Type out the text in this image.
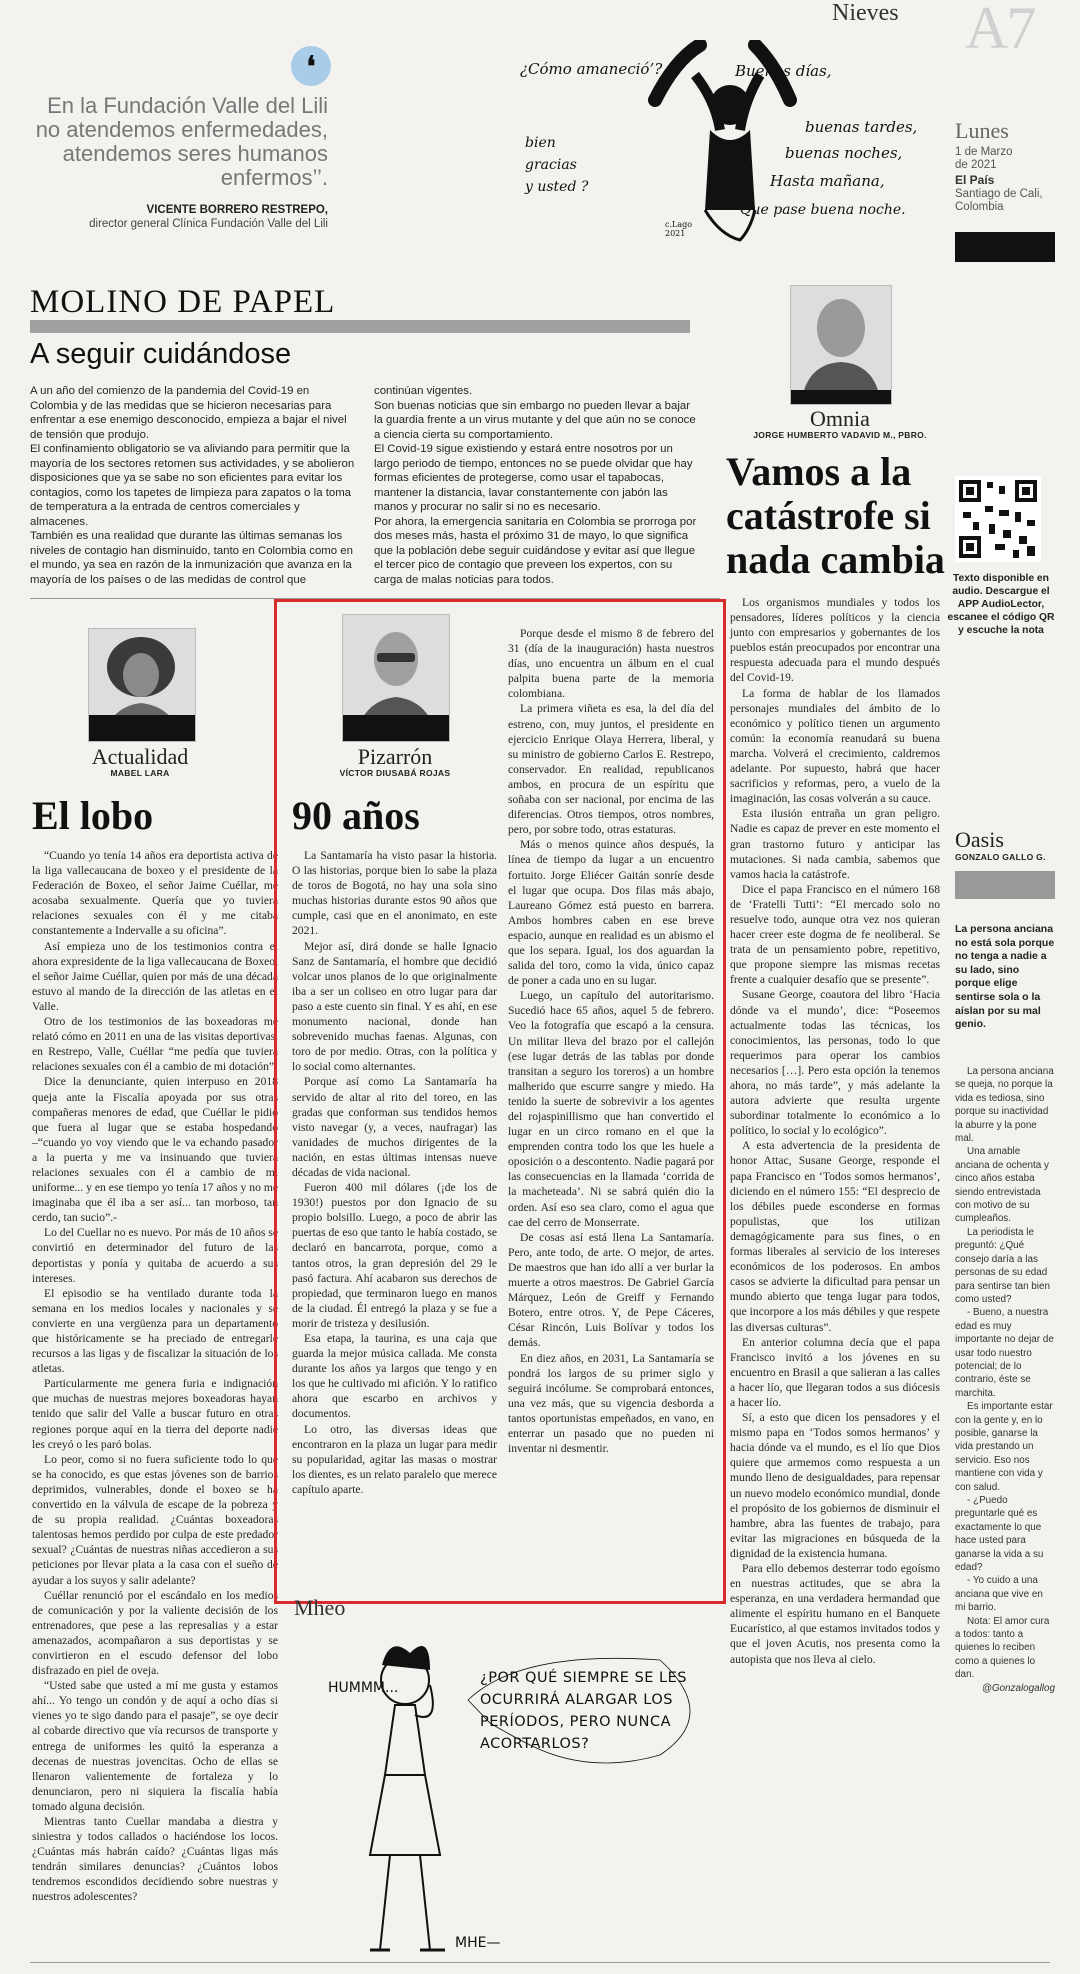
Nieves A7
Lunes
1 de Marzo
de 2021
El País
Santiago de Cali,
Colombia
❛
En la Fundación Valle del Lili no atendemos enfermedades, atendemos seres humanos enfermos’’.
VICENTE BORRERO RESTREPO,
director general Clínica Fundación Valle del Lili
¿Cómo amaneció’?	Buenos días,
buenas tardes,
buenas noches,
Hasta mañana,
Que pase buena noche.
bien
gracias
y usted ?
c.Lago
2021
MOLINO DE PAPEL
A seguir cuidándose

A un año del comienzo de la pandemia del Covid-19 en Colombia y de las medidas que se hicieron necesarias para enfrentar a ese enemigo desconocido, empieza a bajar el nivel de tensión que produjo.

El confinamiento obligatorio se va aliviando para permitir que la mayoría de los sectores retomen sus actividades, y se abolieron disposiciones que ya se sabe no son eficientes para evitar los contagios, como los tapetes de limpieza para zapatos o la toma de temperatura a la entrada de centros comerciales y almacenes.

También es una realidad que durante las últimas semanas los niveles de contagio han disminuido, tanto en Colombia como en el mundo, ya sea en razón de la inmunización que avanza en la mayoría de los países o de las medidas de control que

continúan vigentes.

Son buenas noticias que sin embargo no pueden llevar a bajar la guardia frente a un virus mutante y del que aún no se conoce a ciencia cierta su comportamiento.

El Covid-19 sigue existiendo y estará entre nosotros por un largo periodo de tiempo, entonces no se puede olvidar que hay formas eficientes de protegerse, como usar el tapabocas, mantener la distancia, lavar constantemente con jabón las manos y procurar no salir si no es necesario.

Por ahora, la emergencia sanitaria en Colombia se prorroga por dos meses más, hasta el próximo 31 de mayo, lo que significa que la población debe seguir cuidándose y evitar así que llegue el tercer pico de contagio que preveen los expertos, con su carga de malas noticias para todos.

Omnia
JORGE HUMBERTO VADAVID M., PBRO.
Vamos a la catástrofe si nada cambia

Los organismos mundiales y todos los pensadores, líderes políticos y la ciencia junto con empresarios y gobernantes de los pueblos están preocupados por encontrar una respuesta adecuada para el mundo después del Covid-19.

La forma de hablar de los llamados personajes mundiales del ámbito de lo económico y político tienen un argumento común: la economía reanudará su buena marcha. Volverá el crecimiento, caldremos adelante. Por supuesto, habrá que hacer sacrificios y reformas, pero, a vuelo de la imaginación, las cosas volverán a su cauce.

Esta ilusión entraña un gran peligro. Nadie es capaz de prever en este momento el gran trastorno futuro y anticipar las mutaciones. Si nada cambia, sabemos que vamos hacia la catástrofe.

Dice el papa Francisco en el número 168 de ‘Fratelli Tutti’: “El mercado solo no resuelve todo, aunque otra vez nos quieran hacer creer este dogma de fe neoliberal. Se trata de un pensamiento pobre, repetitivo, que propone siempre las mismas recetas frente a cualquier desafío que se presente”.

Susane George, coautora del libro ‘Hacia dónde va el mundo’, dice: “Poseemos actualmente todas las técnicas, los conocimientos, las personas, todo lo que requerimos para operar los cambios necesarios […]. Pero esta opción la tenemos ahora, no más tarde”, y más adelante la autora advierte que resulta urgente subordinar totalmente lo económico a lo político, lo social y lo ecológico”.

A esta advertencia de la presidenta de honor Attac, Susane George, responde el papa Francisco en ‘Todos somos hermanos’, diciendo en el número 155: “El desprecio de los débiles puede esconderse en formas populistas, que los utilizan demagógicamente para sus fines, o en formas liberales al servicio de los intereses económicos de los poderosos. En ambos casos se advierte la dificultad para pensar un mundo abierto que tenga lugar para todos, que incorpore a los más débiles y que respete las diversas culturas”.

En anterior columna decía que el papa Francisco invitó a los jóvenes en su encuentro en Brasil a que salieran a las calles a hacer lío, que llegaran todos a sus diócesis a hacer lío.

Sí, a esto que dicen los pensadores y el mismo papa en ‘Todos somos hermanos’ y hacia dónde va el mundo, es el lío que Dios quiere que armemos como respuesta a un mundo lleno de desigualdades, para repensar un nuevo modelo económico mundial, donde el propósito de los gobiernos de disminuir el hambre, abra las fuentes de trabajo, para evitar las migraciones en búsqueda de la dignidad de la existencia humana.

Para ello debemos desterrar todo egoísmo en nuestras actitudes, que se abra la esperanza, en una verdadera hermandad que alimente el espíritu humano en el Banquete Eucarístico, al que estamos invitados todos y que el joven Acutis, nos presenta como la autopista que nos lleva al cielo.

Texto disponible en audio. Descargue el APP AudioLector, escanee el código QR y escuche la nota
Actualidad
MABEL LARA
El lobo

“Cuando yo tenía 14 años era deportista activa de la liga vallecaucana de boxeo y el presidente de la Federación de Boxeo, el señor Jaime Cuéllar, me acosaba sexualmente. Quería que yo tuviera relaciones sexuales con él y me citaba constantemente a Indervalle a su oficina”.

Así empieza uno de los testimonios contra el ahora expresidente de la liga vallecaucana de Boxeo, el señor Jaime Cuéllar, quien por más de una década estuvo al mando de la dirección de las atletas en el Valle.

Otro de los testimonios de las boxeadoras me relató cómo en 2011 en una de las visitas deportivas, en Restrepo, Valle, Cuéllar “me pedía que tuviera relaciones sexuales con él a cambio de mi dotación”.

Dice la denunciante, quien interpuso en 2018 queja ante la Fiscalía apoyada por sus otras compañeras menores de edad, que Cuéllar le pidió que fuera al lugar que se estaba hospedando –“cuando yo voy viendo que le va echando pasador a la puerta y me va insinuando que tuviera relaciones sexuales con él a cambio de mi uniforme... y en ese tiempo yo tenía 17 años y no me imaginaba que él iba a ser así... tan morboso, tan cerdo, tan sucio”.-

Lo del Cuellar no es nuevo. Por más de 10 años se convirtió en determinador del futuro de las deportistas y ponía y quitaba de acuerdo a sus intereses.

El episodio se ha ventilado durante toda la semana en los medios locales y nacionales y se convierte en una vergüenza para un departamento que históricamente se ha preciado de entregarle recursos a las ligas y de fiscalizar la situación de los atletas.

Particularmente me genera furia e indignación que muchas de nuestras mejores boxeadoras hayan tenido que salir del Valle a buscar futuro en otras regiones porque aquí en la tierra del deporte nadie les creyó o les paró bolas.

Lo peor, como si no fuera suficiente todo lo que se ha conocido, es que estas jóvenes son de barrios deprimidos, vulnerables, donde el boxeo se ha convertido en la válvula de escape de la pobreza y de su propia realidad. ¿Cuántas boxeadoras talentosas hemos perdido por culpa de este predador sexual? ¿Cuántas de nuestras niñas accedieron a sus peticiones por llevar plata a la casa con el sueño de ayudar a los suyos y salir adelante?

Cuéllar renunció por el escándalo en los medios de comunicación y por la valiente decisión de los entrenadores, que pese a las represalias y a estar amenazados, acompañaron a sus deportistas y se convirtieron en el escudo defensor del lobo disfrazado en piel de oveja.

“Usted sabe que usted a mí me gusta y estamos ahí... Yo tengo un condón y de aquí a ocho días si vienes yo te sigo dando para el pasaje”, se oye decir al cobarde directivo que vía recursos de transporte y entrega de uniformes les quitó la esperanza a decenas de nuestras jovencitas. Ocho de ellas se llenaron valientemente de fortaleza y lo denunciaron, pero ni siquiera la fiscalía había tomado alguna decisión.

Mientras tanto Cuellar mandaba a diestra y siniestra y todos callados o haciéndose los locos. ¿Cuántas más habrán caído? ¿Cuántas ligas más tendrán similares denuncias? ¿Cuántos lobos tendremos escondidos decidiendo sobre nuestras y nuestros adolescentes?

Pizarrón
VÍCTOR DIUSABÁ ROJAS
90 años

La Santamaría ha visto pasar la historia. O las historias, porque bien lo sabe la plaza de toros de Bogotá, no hay una sola sino muchas historias durante estos 90 años que cumple, casi que en el anonimato, en este 2021.

Mejor así, dirá donde se halle Ignacio Sanz de Santamaría, el hombre que decidió volcar unos planos de lo que originalmente iba a ser un coliseo en otro lugar para dar paso a este cuento sin final. Y es ahí, en ese monumento nacional, donde han sobrevenido muchas faenas. Algunas, con toro de por medio. Otras, con la política y lo social como alternantes.

Porque así como La Santamaría ha servido de altar al rito del toreo, en las gradas que conforman sus tendidos hemos visto navegar (y, a veces, naufragar) las vanidades de muchos dirigentes de la nación, en estas últimas intensas nueve décadas de vida nacional.

Fueron 400 mil dólares (¡de los de 1930!) puestos por don Ignacio de su propio bolsillo. Luego, a poco de abrir las puertas de eso que tanto le había costado, se declaró en bancarrota, porque, como a tantos otros, la gran depresión del 29 le pasó factura. Ahí acabaron sus derechos de propiedad, que terminaron luego en manos de la ciudad. Él entregó la plaza y se fue a morir de tristeza y desilusión.

Esa etapa, la taurina, es una caja que guarda la mejor música callada. Me consta durante los años ya largos que tengo y en los que he cultivado mi afición. Y lo ratifico ahora que escarbo en archivos y documentos.

Lo otro, las diversas ideas que encontraron en la plaza un lugar para medir su popularidad, agitar las masas o mostrar los dientes, es un relato paralelo que merece capítulo aparte.

Porque desde el mismo 8 de febrero del 31 (día de la inauguración) hasta nuestros días, uno encuentra un álbum en el cual palpita buena parte de la memoria colombiana.

La primera viñeta es esa, la del día del estreno, con, muy juntos, el presidente en ejercicio Enrique Olaya Herrera, liberal, y su ministro de gobierno Carlos E. Restrepo, conservador. En realidad, republicanos ambos, en procura de un espíritu que soñaba con ser nacional, por encima de las diferencias. Otros tiempos, otros nombres, pero, por sobre todo, otras estaturas.

Más o menos quince años después, la línea de tiempo da lugar a un encuentro fortuito. Jorge Eliécer Gaitán sonríe desde el lugar que ocupa. Dos filas más abajo, Laureano Gómez está puesto en barrera. Ambos hombres caben en ese breve espacio, aunque en realidad es un abismo el que los separa. Igual, los dos aguardan la salida del toro, como la vida, único capaz de poner a cada uno en su lugar.

Luego, un capítulo del autoritarismo. Sucedió hace 65 años, aquel 5 de febrero. Veo la fotografía que escapó a la censura. Un militar lleva del brazo por el callejón (ese lugar detrás de las tablas por donde transitan a seguro los toreros) a un hombre malherido que escurre sangre y miedo. Ha tenido la suerte de sobrevivir a los agentes del rojaspinillismo que han convertido el lugar en un circo romano en el que la emprenden contra todo los que les huele a oposición o a descontento. Nadie pagará por las consecuencias en la llamada ‘corrida de la macheteada’. Ni se sabrá quién dio la orden. Así eso sea claro, como el agua que cae del cerro de Monserrate.

De cosas así está llena La Santamaría. Pero, ante todo, de arte. O mejor, de artes. De maestros que han ido allí a ver burlar la muerte a otros maestros. De Gabriel García Márquez, León de Greiff y Fernando Botero, entre otros. Y, de Pepe Cáceres, César Rincón, Luis Bolívar y todos los demás.

En diez años, en 2031, La Santamaría se pondrá los largos de su primer siglo y seguirá incólume. Se comprobará entonces, una vez más, que su vigencia desborda a tantos oportunistas empeñados, en vano, en enterrar un pasado que no pueden ni inventar ni desmentir.

Mheo
HUMMM...
¿POR QUÉ SIEMPRE SE LES OCURRIRÁ ALARGAR LOS PERÍODOS, PERO NUNCA ACORTARLOS?
MHE—
Oasis
GONZALO GALLO G.
La persona anciana no está sola porque no tenga a nadie a su lado, sino porque elige sentirse sola o la aíslan por su mal genio.

La persona anciana se queja, no porque la vida es tediosa, sino porque su inactividad la aburre y la pone mal.

Una amable anciana de ochenta y cinco años estaba siendo entrevistada con motivo de su cumpleaños.

La periodista le preguntó: ¿Qué consejo daría a las personas de su edad para sentirse tan bien como usted?

- Bueno, a nuestra edad es muy importante no dejar de usar todo nuestro potencial; de lo contrario, éste se marchita.

Es importante estar con la gente y, en lo posible, ganarse la vida prestando un servicio. Eso nos mantiene con vida y con salud.

- ¿Puedo preguntarle qué es exactamente lo que hace usted para ganarse la vida a su edad?

- Yo cuido a una anciana que vive en mi barrio.

Nota: El amor cura a todos: tanto a quienes lo reciben como a quienes lo dan.

@Gonzalogallog
